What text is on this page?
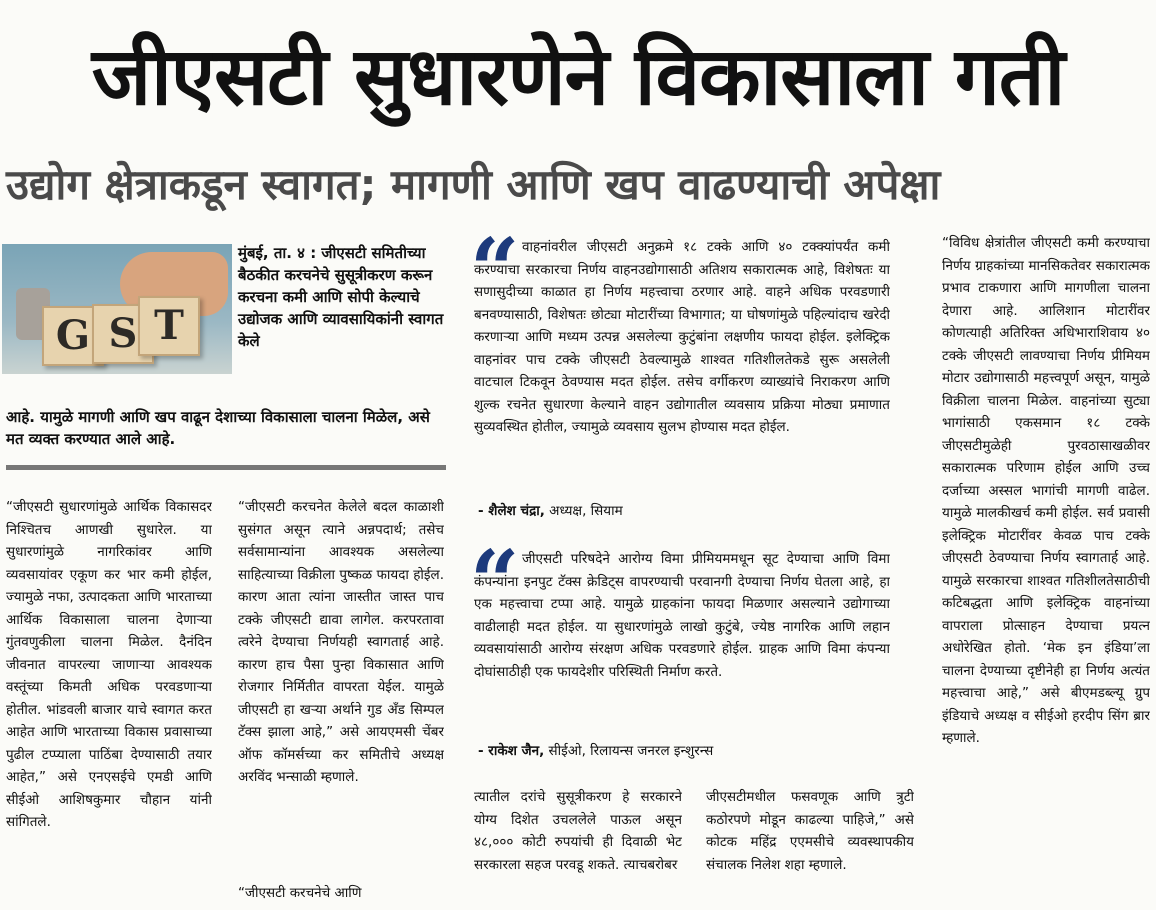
जीएसटी सुधारणेने विकासाला गती
उद्योग क्षेत्राकडून स्वागत; मागणी आणि खप वाढण्याची अपेक्षा
G S T
मुंबई, ता. ४ : जीएसटी समितीच्या बैठकीत करचनेचे सुसूत्रीकरण करून करचना कमी आणि सोपी केल्याचे उद्योजक आणि व्यावसायिकांनी स्वागत केले
आहे. यामुळे मागणी आणि खप वाढून देशाच्या विकासाला चालना मिळेल, असे मत व्यक्त करण्यात आले आहे.
“जीएसटी सुधारणांमुळे आर्थिक विकासदर निश्चितच आणखी सुधारेल. या सुधारणांमुळे नागरिकांवर आणि व्यवसायांवर एकूण कर भार कमी होईल, ज्यामुळे नफा, उत्पादकता आणि भारताच्या आर्थिक विकासाला चालना देणाऱ्या गुंतवणुकीला चालना मिळेल. दैनंदिन जीवनात वापरल्या जाणाऱ्या आवश्यक वस्तूंच्या किमती अधिक परवडणाऱ्या होतील. भांडवली बाजार याचे स्वागत करत आहेत आणि भारताच्या विकास प्रवासाच्या पुढील टप्प्याला पाठिंबा देण्यासाठी तयार आहेत,” असे एनएसईचे एमडी आणि सीईओ आशिषकुमार चौहान यांनी सांगितले.
“जीएसटी करचनेत केलेले बदल काळाशी सुसंगत असून त्याने अन्नपदार्थ; तसेच सर्वसामान्यांना आवश्यक असलेल्या साहित्याच्या विक्रीला पुष्कळ फायदा होईल. कारण आता त्यांना जास्तीत जास्त पाच टक्के जीएसटी द्यावा लागेल. करपरतावा त्वरेने देण्याचा निर्णयही स्वागतार्ह आहे. कारण हाच पैसा पुन्हा विकासात आणि रोजगार निर्मितीत वापरता येईल. यामुळे जीएसटी हा खऱ्या अर्थाने गुड अँड सिम्पल टॅक्स झाला आहे,” असे आयएमसी चेंबर ऑफ कॉमर्सच्या कर समितीचे अध्यक्ष अरविंद भन्साळी म्हणाले.
“जीएसटी करचनेचे आणि
“ वाहनांवरील जीएसटी अनुक्रमे १८ टक्के आणि ४० टक्क्यांपर्यंत कमी करण्याचा सरकारचा निर्णय वाहनउद्योगासाठी अतिशय सकारात्मक आहे, विशेषतः या सणासुदीच्या काळात हा निर्णय महत्त्वाचा ठरणार आहे. वाहने अधिक परवडणारी बनवण्यासाठी, विशेषतः छोट्या मोटारींच्या विभागात; या घोषणांमुळे पहिल्यांदाच खरेदी करणाऱ्या आणि मध्यम उत्पन्न असलेल्या कुटुंबांना लक्षणीय फायदा होईल. इलेक्ट्रिक वाहनांवर पाच टक्के जीएसटी ठेवल्यामुळे शाश्वत गतिशीलतेकडे सुरू असलेली वाटचाल टिकवून ठेवण्यास मदत होईल. तसेच वर्गीकरण व्याख्यांचे निराकरण आणि शुल्क रचनेत सुधारणा केल्याने वाहन उद्योगातील व्यवसाय प्रक्रिया मोठ्या प्रमाणात सुव्यवस्थित होतील, ज्यामुळे व्यवसाय सुलभ होण्यास मदत होईल.
- शैलेश चंद्रा, अध्यक्ष, सियाम
“ जीएसटी परिषदेने आरोग्य विमा प्रीमियममधून सूट देण्याचा आणि विमा कंपन्यांना इनपुट टॅक्स क्रेडिट्स वापरण्याची परवानगी देण्याचा निर्णय घेतला आहे, हा एक महत्त्वाचा टप्पा आहे. यामुळे ग्राहकांना फायदा मिळणार असल्याने उद्योगाच्या वाढीलाही मदत होईल. या सुधारणांमुळे लाखो कुटुंबे, ज्येष्ठ नागरिक आणि लहान व्यवसायांसाठी आरोग्य संरक्षण अधिक परवडणारे होईल. ग्राहक आणि विमा कंपन्या दोघांसाठीही एक फायदेशीर परिस्थिती निर्माण करते.
- राकेश जैन, सीईओ, रिलायन्स जनरल इन्शुरन्स
त्यातील दरांचे सुसूत्रीकरण हे सरकारने योग्य दिशेत उचललेले पाऊल असून ४८,००० कोटी रुपयांची ही दिवाळी भेट सरकारला सहज परवडू शकते. त्याचबरोबर
जीएसटीमधील फसवणूक आणि त्रुटी कठोरपणे मोडून काढल्या पाहिजे,” असे कोटक महिंद्र एएमसीचे व्यवस्थापकीय संचालक निलेश शहा म्हणाले.
“विविध क्षेत्रांतील जीएसटी कमी करण्याचा निर्णय ग्राहकांच्या मानसिकतेवर सकारात्मक प्रभाव टाकणारा आणि मागणीला चालना देणारा आहे. आलिशान मोटारींवर कोणत्याही अतिरिक्त अधिभाराशिवाय ४० टक्के जीएसटी लावण्याचा निर्णय प्रीमियम मोटार उद्योगासाठी महत्त्वपूर्ण असून, यामुळे विक्रीला चालना मिळेल. वाहनांच्या सुट्या भागांसाठी एकसमान १८ टक्के जीएसटीमुळेही पुरवठासाखळीवर सकारात्मक परिणाम होईल आणि उच्च दर्जाच्या अस्सल भागांची मागणी वाढेल. यामुळे मालकीखर्च कमी होईल. सर्व प्रवासी इलेक्ट्रिक मोटारींवर केवळ पाच टक्के जीएसटी ठेवण्याचा निर्णय स्वागतार्ह आहे. यामुळे सरकारचा शाश्वत गतिशीलतेसाठीची कटिबद्धता आणि इलेक्ट्रिक वाहनांच्या वापराला प्रोत्साहन देण्याचा प्रयत्न अधोरेखित होतो. ‘मेक इन इंडिया’ला चालना देण्याच्या दृष्टीनेही हा निर्णय अत्यंत महत्त्वाचा आहे,” असे बीएमडब्ल्यू ग्रुप इंडियाचे अध्यक्ष व सीईओ हरदीप सिंग ब्रार म्हणाले.
